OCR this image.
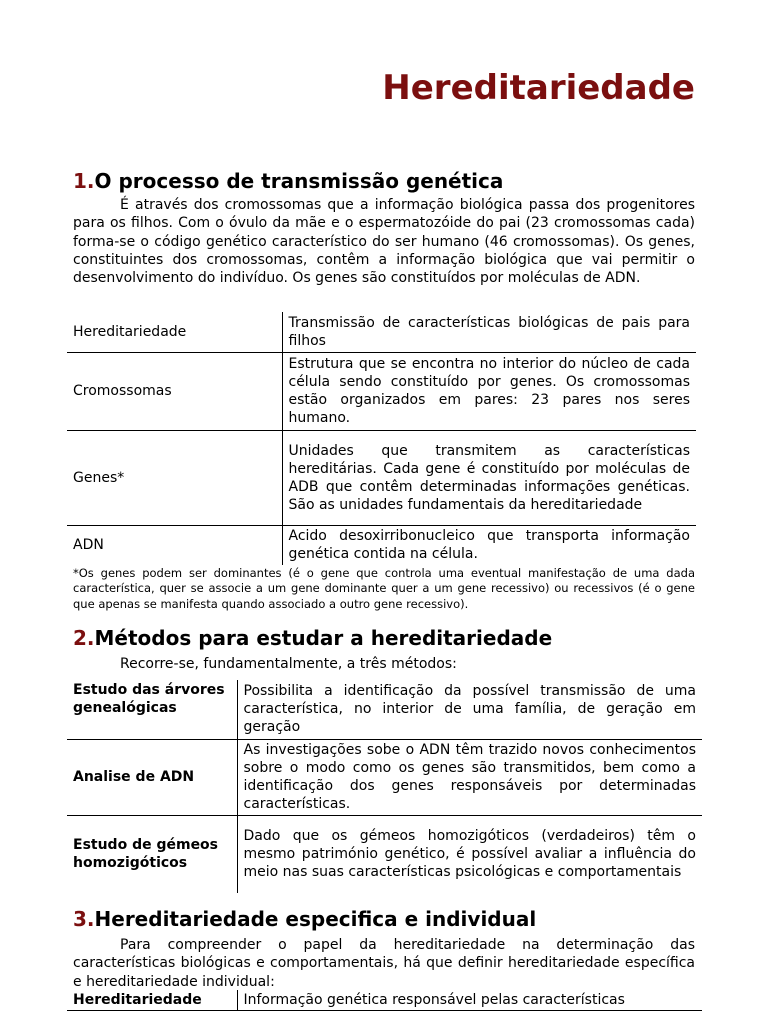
Hereditariedade
1.O processo de transmissão genética

É através dos cromossomas que a informação biológica passa dos progenitores para os filhos. Com o óvulo da mãe e o espermatozóide do pai (23 cromossomas cada) forma-se o código genético característico do ser humano (46 cromossomas). Os genes, constituintes dos cromossomas, contêm a informação biológica que vai permitir o desenvolvimento do indivíduo. Os genes são constituídos por moléculas de ADN.

Hereditariedade	Transmissão de características biológicas de pais para filhos
Cromossomas	Estrutura que se encontra no interior do núcleo de cada célula sendo constituído por genes. Os cromossomas estão organizados em pares: 23 pares nos seres humano.
Genes*	Unidades que transmitem as características hereditárias. Cada gene é constituído por moléculas de ADB que contêm determinadas informações genéticas. São as unidades fundamentais da hereditariedade
ADN	Acido desoxirribonucleico que transporta informação genética contida na célula.

*Os genes podem ser dominantes (é o gene que controla uma eventual manifestação de uma dada característica, quer se associe a um gene dominante quer a um gene recessivo) ou recessivos (é o gene que apenas se manifesta quando associado a outro gene recessivo).

2.Métodos para estudar a hereditariedade

Recorre-se, fundamentalmente, a três métodos:

Estudo das árvores genealógicas	Possibilita a identificação da possível transmissão de uma característica, no interior de uma família, de geração em geração
Analise de ADN	As investigações sobe o ADN têm trazido novos conhecimentos sobre o modo como os genes são transmitidos, bem como a identificação dos genes responsáveis por determinadas características.
Estudo de gémeos homozigóticos	Dado que os gémeos homozigóticos (verdadeiros) têm o mesmo património genético, é possível avaliar a influência do meio nas suas características psicológicas e comportamentais
3.Hereditariedade especifica e individual

Para compreender o papel da hereditariedade na determinação das características biológicas e comportamentais, há que definir hereditariedade específica e hereditariedade individual:

Hereditariedade	Informação genética responsável pelas características
